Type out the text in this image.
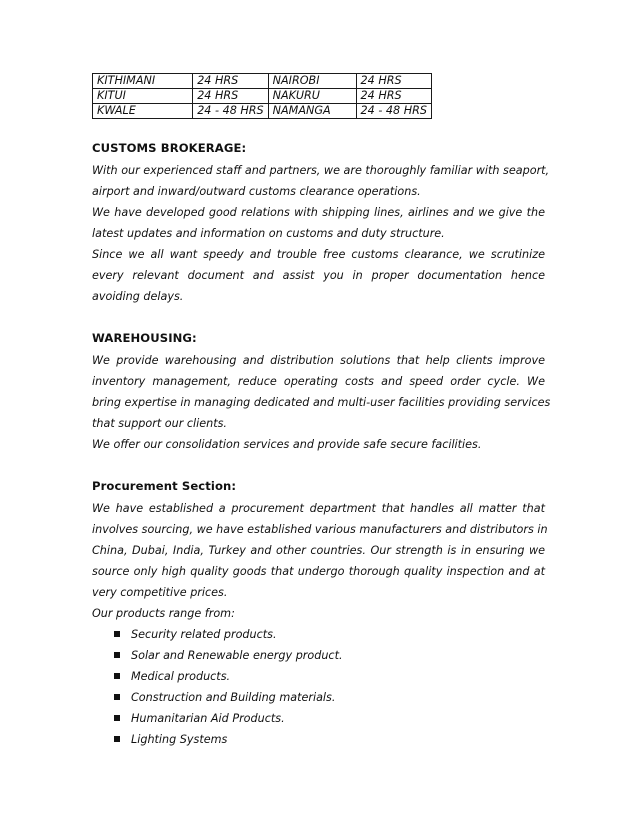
KITHIMANI	24 HRS	NAIROBI	24 HRS
KITUI	24 HRS	NAKURU	24 HRS
KWALE	24 - 48 HRS	NAMANGA	24 - 48 HRS

CUSTOMS BROKERAGE:

With our experienced staff and partners, we are thoroughly familiar with seaport,

airport and inward/outward customs clearance operations.

We have developed good relations with shipping lines, airlines and we give the

latest updates and information on customs and duty structure.

Since we all want speedy and trouble free customs clearance, we scrutinize

every relevant document and assist you in proper documentation hence

avoiding delays.

WAREHOUSING:

We provide warehousing and distribution solutions that help clients improve

inventory management, reduce operating costs and speed order cycle. We

bring expertise in managing dedicated and multi-user facilities providing services

that support our clients.

We offer our consolidation services and provide safe secure facilities.

Procurement Section:

We have established a procurement department that handles all matter that

involves sourcing, we have established various manufacturers and distributors in

China, Dubai, India, Turkey and other countries. Our strength is in ensuring we

source only high quality goods that undergo thorough quality inspection and at

very competitive prices.

Our products range from:

Security related products.
Solar and Renewable energy product.
Medical products.
Construction and Building materials.
Humanitarian Aid Products.
Lighting Systems
